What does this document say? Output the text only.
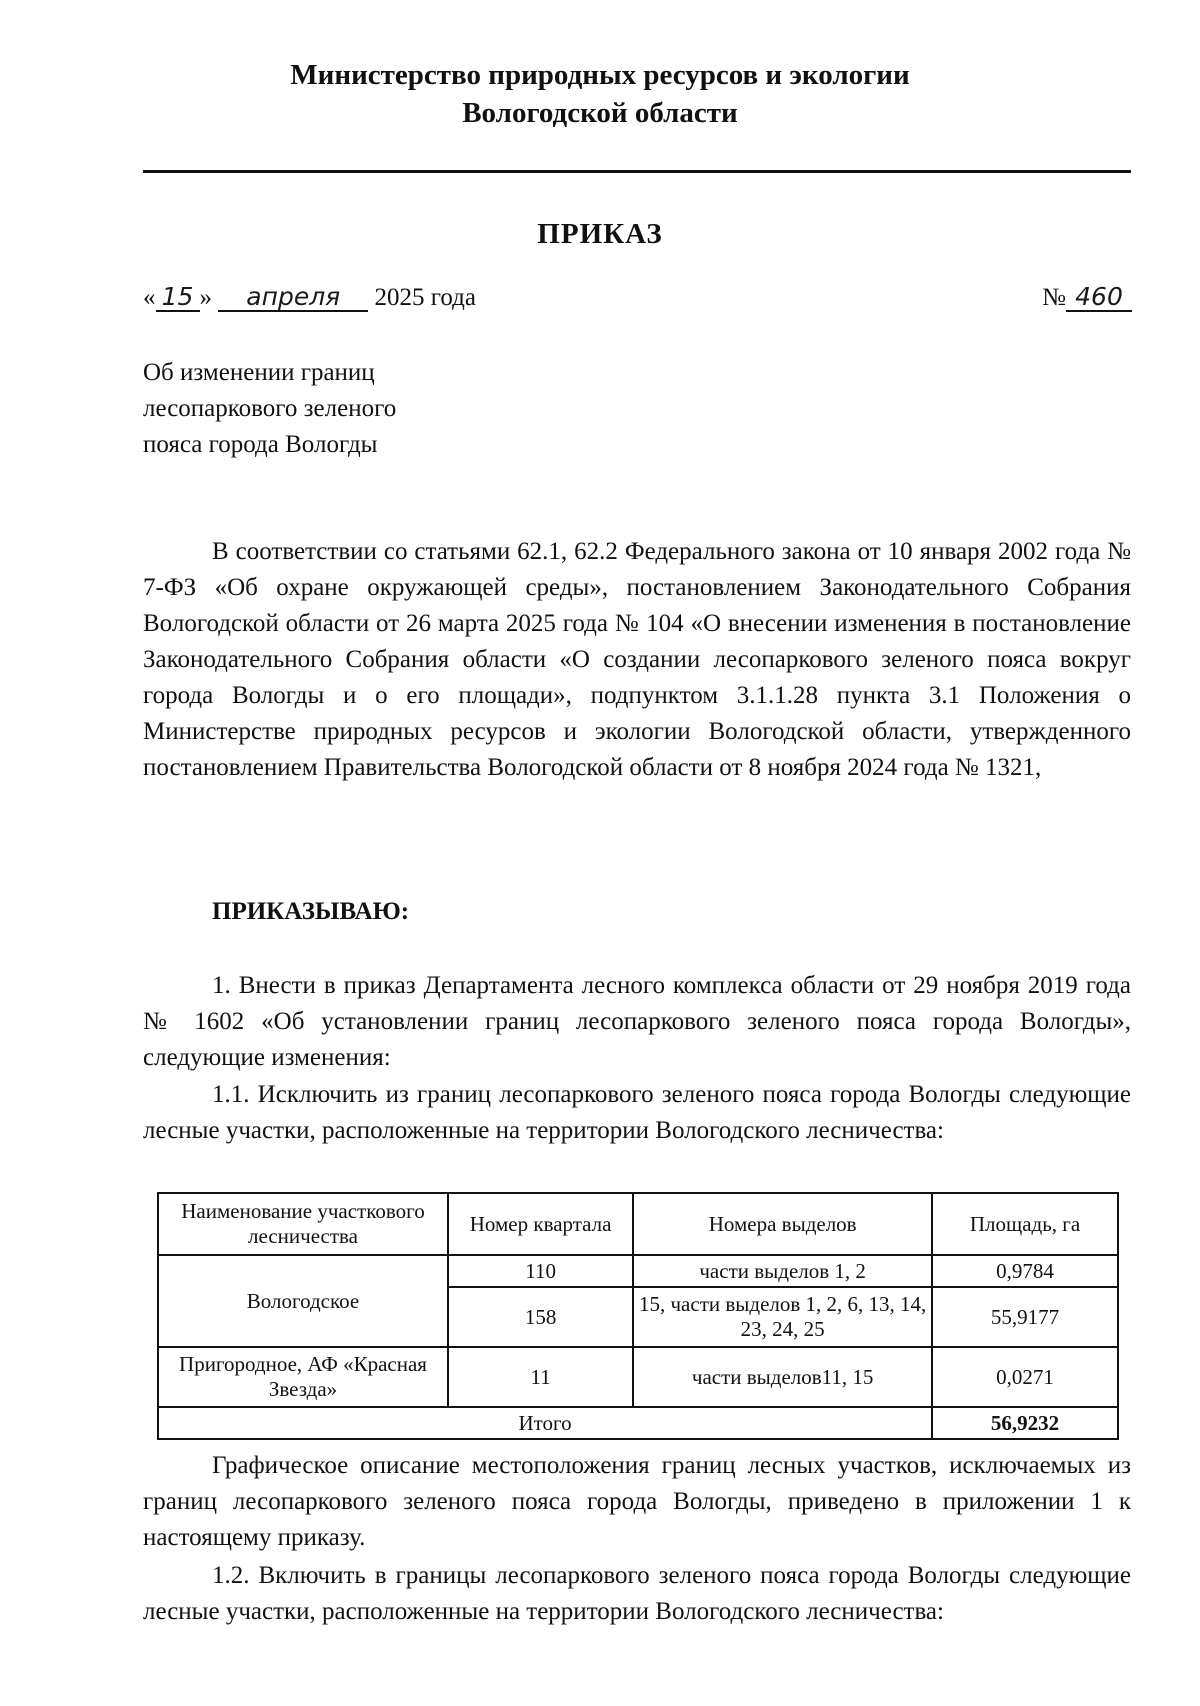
Министерство природных ресурсов и экологии
Вологодской области
ПРИКАЗ
« 15 » апреля 2025 года	№ 460
Об изменении границ
лесопаркового зеленого
пояса города Вологды
В соответствии со статьями 62.1, 62.2 Федерального закона от 10 января 2002 года № 7-ФЗ «Об охране окружающей среды», постановлением Законодательного Собрания Вологодской области от 26 марта 2025 года № 104 «О внесении изменения в постановление Законодательного Собрания области «О создании лесопаркового зеленого пояса вокруг города Вологды и о его площади», подпунктом 3.1.1.28 пункта 3.1 Положения о Министерстве природных ресурсов и экологии Вологодской области, утвержденного постановлением Правительства Вологодской области от 8 ноября 2024 года № 1321,
ПРИКАЗЫВАЮ:
1. Внести в приказ Департамента лесного комплекса области от 29 ноября 2019 года № 1602 «Об установлении границ лесопаркового зеленого пояса города Вологды», следующие изменения:
1.1. Исключить из границ лесопаркового зеленого пояса города Вологды следующие лесные участки, расположенные на территории Вологодского лесничества:
Наименование участкового лесничества	Номер квартала	Номера выделов	Площадь, га
Вологодское	110	части выделов 1, 2	0,9784
	158	15, части выделов 1, 2, 6, 13, 14, 23, 24, 25	55,9177
Пригородное, АФ «Красная Звезда»	11	части выделов11, 15	0,0271
Итого			56,9232
Графическое описание местоположения границ лесных участков, исключаемых из границ лесопаркового зеленого пояса города Вологды, приведено в приложении 1 к настоящему приказу.
1.2. Включить в границы лесопаркового зеленого пояса города Вологды следующие лесные участки, расположенные на территории Вологодского лесничества:
